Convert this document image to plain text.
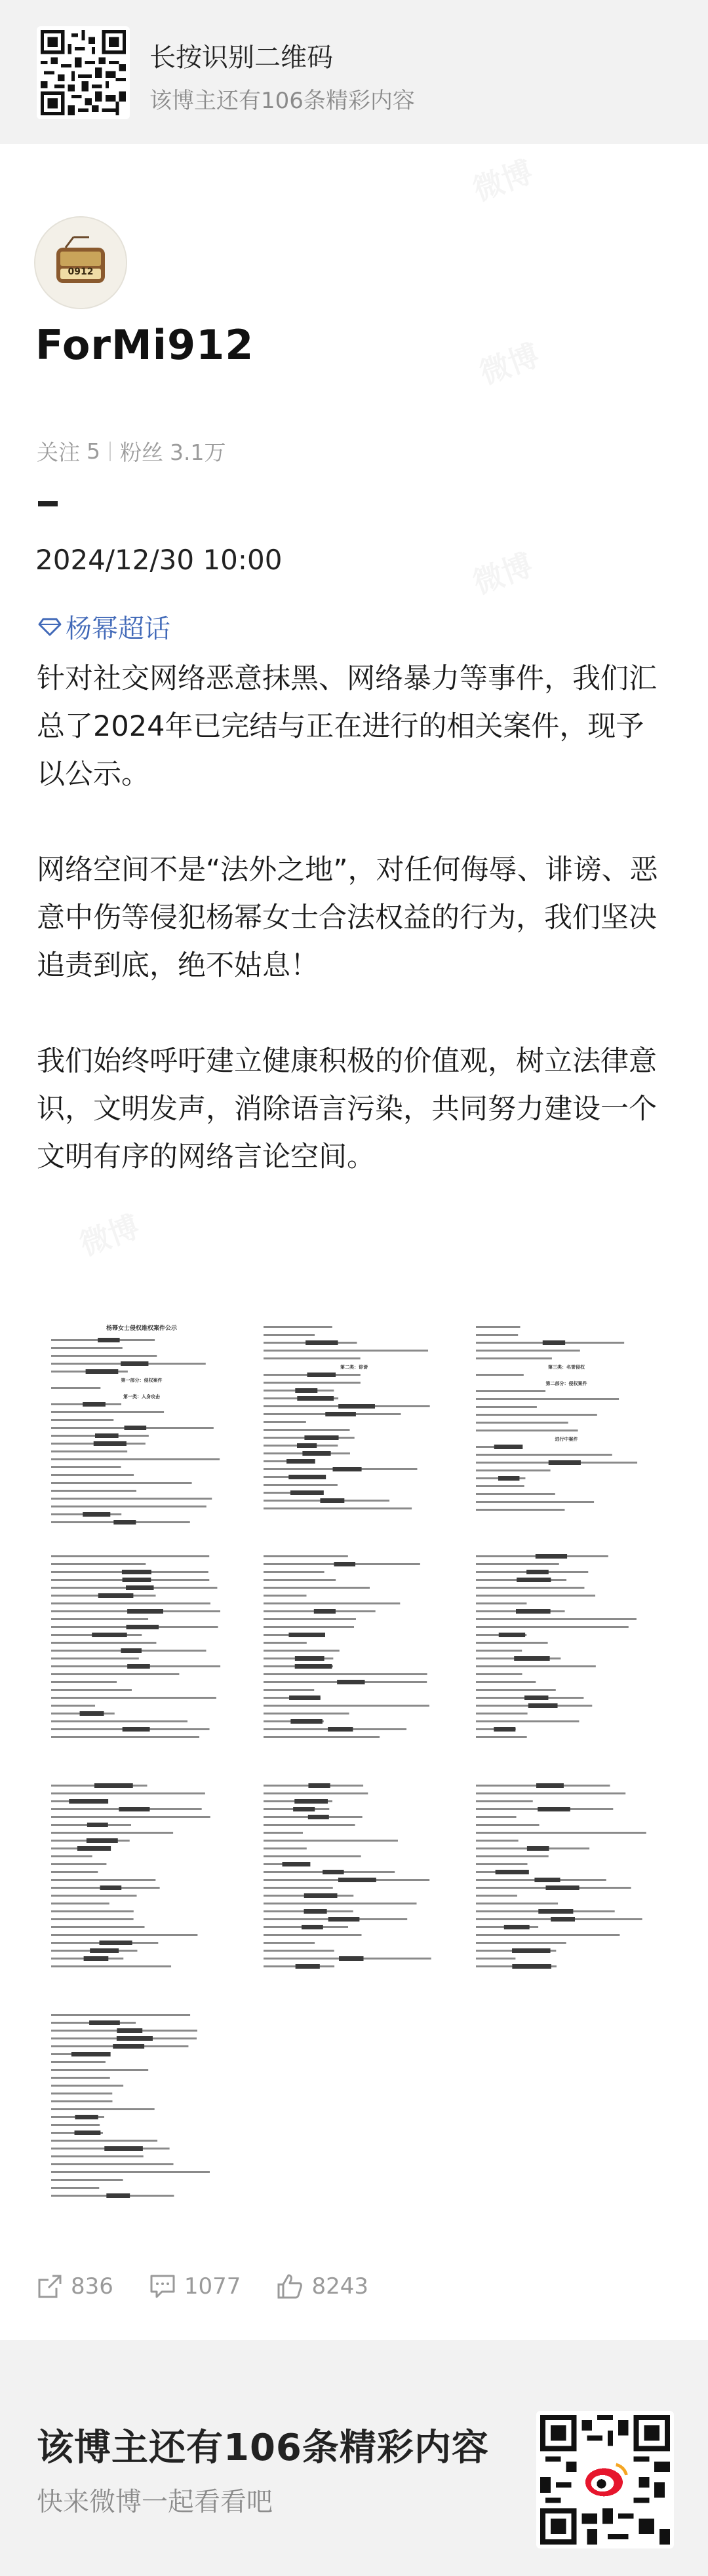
长按识别二维码
该博主还有106条精彩内容
0912
ForMi912
关注 5 粉丝 3.1万
2024/12/30 10:00
杨幂超话

针对社交网络恶意抹黑、网络暴力等事件，我们汇总了2024年已完结与正在进行的相关案件，现予以公示。

网络空间不是“法外之地”，对任何侮辱、诽谤、恶意中伤等侵犯杨幂女士合法权益的行为，我们坚决追责到底，绝不姑息！

我们始终呼吁建立健康积极的价值观，树立法律意识，文明发声，消除语言污染，共同努力建设一个文明有序的网络言论空间。

杨幂女士侵权维权案件公示
第一部分：侵权案件
第一类：人身攻击
第二类：诽谤	第三类：名誉侵权
第二部分：侵权案件
进行中案件
836	1077	8243
该博主还有106条精彩内容
快来微博一起看看吧
